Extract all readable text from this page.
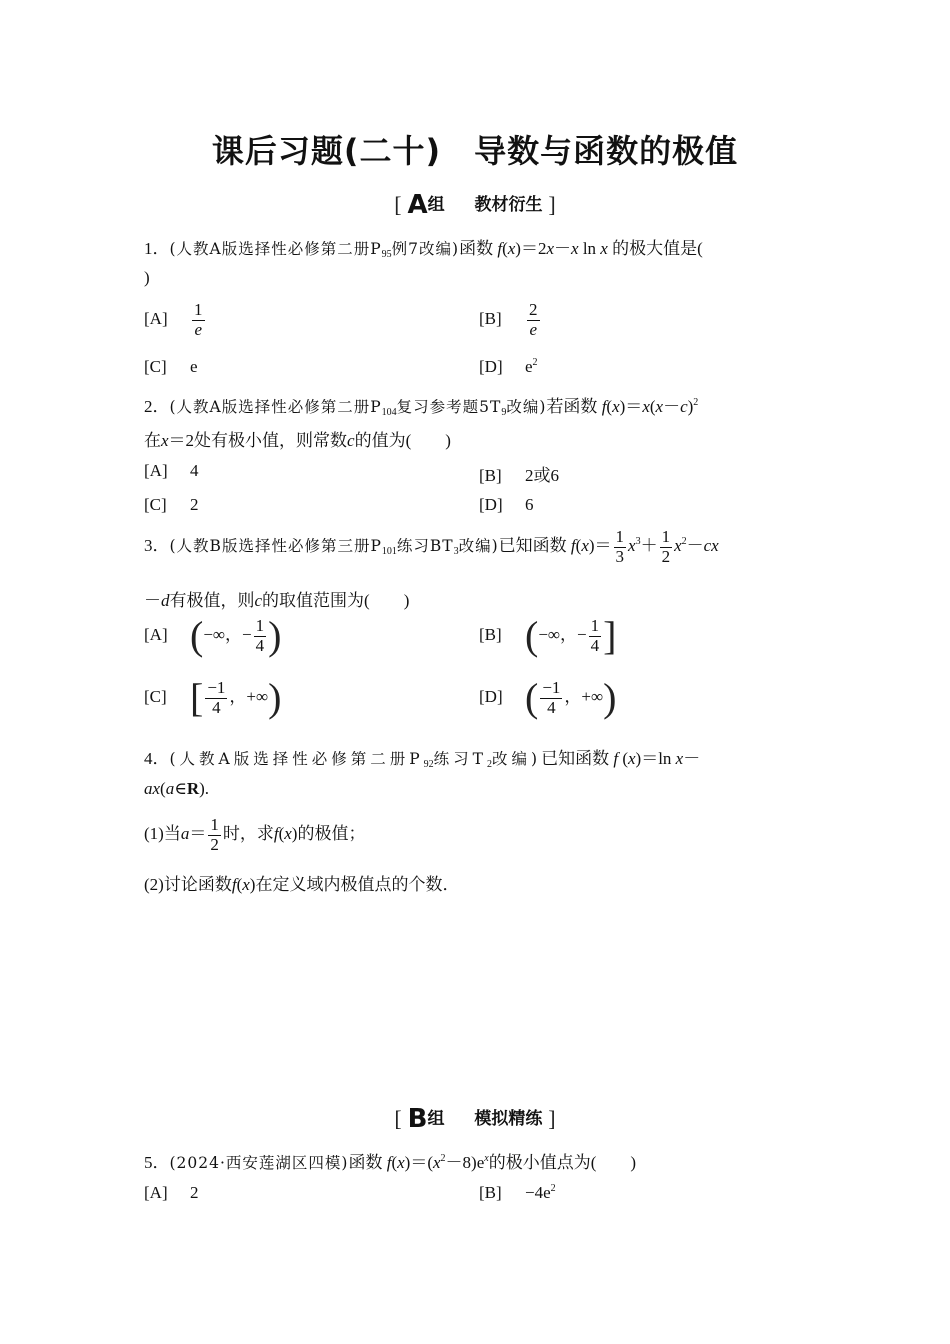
课后习题(二十)　导数与函数的极值
[ A组 教材衍生 ]
1．(人教A版选择性必修第二册$P_{95}$例7改编)函数 f(x)＝2x－x ln x 的极大值是(
)
$[A] \frac{1}{e}$	$[B] \frac{2}{e}$
[C] e	[D] $e^2$
2．(人教A版选择性必修第二册$P_{104}$复习参考题$5T_9$改编)若函数 $f(x)=x(x-c)^2$
在x＝2处有极小值，则常数c的值为(　　)
[A] 4	[B] 2或6
[C] 2	[D] 6
3．(人教B版选择性必修第三册$P_{101}$练习$BT_3$改编)已知函数 $f(x)= \frac{1}{3} x^3+ \frac{1}{2} x^2-cx$
－d有极值，则c的取值范围为(　　)
[A] (−∞，− $\frac{1}{4}$ )	[B] (−∞，− $\frac{1}{4}$ ]
[C] [ $\frac{-1}{4}$ ，+∞)	[D] ( $\frac{-1}{4}$ ，+∞)
4．(人教A版选择性必修第二册$P_{92}$练习$T_2$改编)已知函数 f (x)＝ln x－
ax(a∈R).
(1)当$a= \frac{1}{2}$ 时，求f(x)的极值；
(2)讨论函数f(x)在定义域内极值点的个数．
[ B组 模拟精练 ]
5．(2024·西安莲湖区四模)函数 $f(x)=(x^2-8)e^x$的极小值点为(　　)
[A] 2	$[B] -4e^2$
